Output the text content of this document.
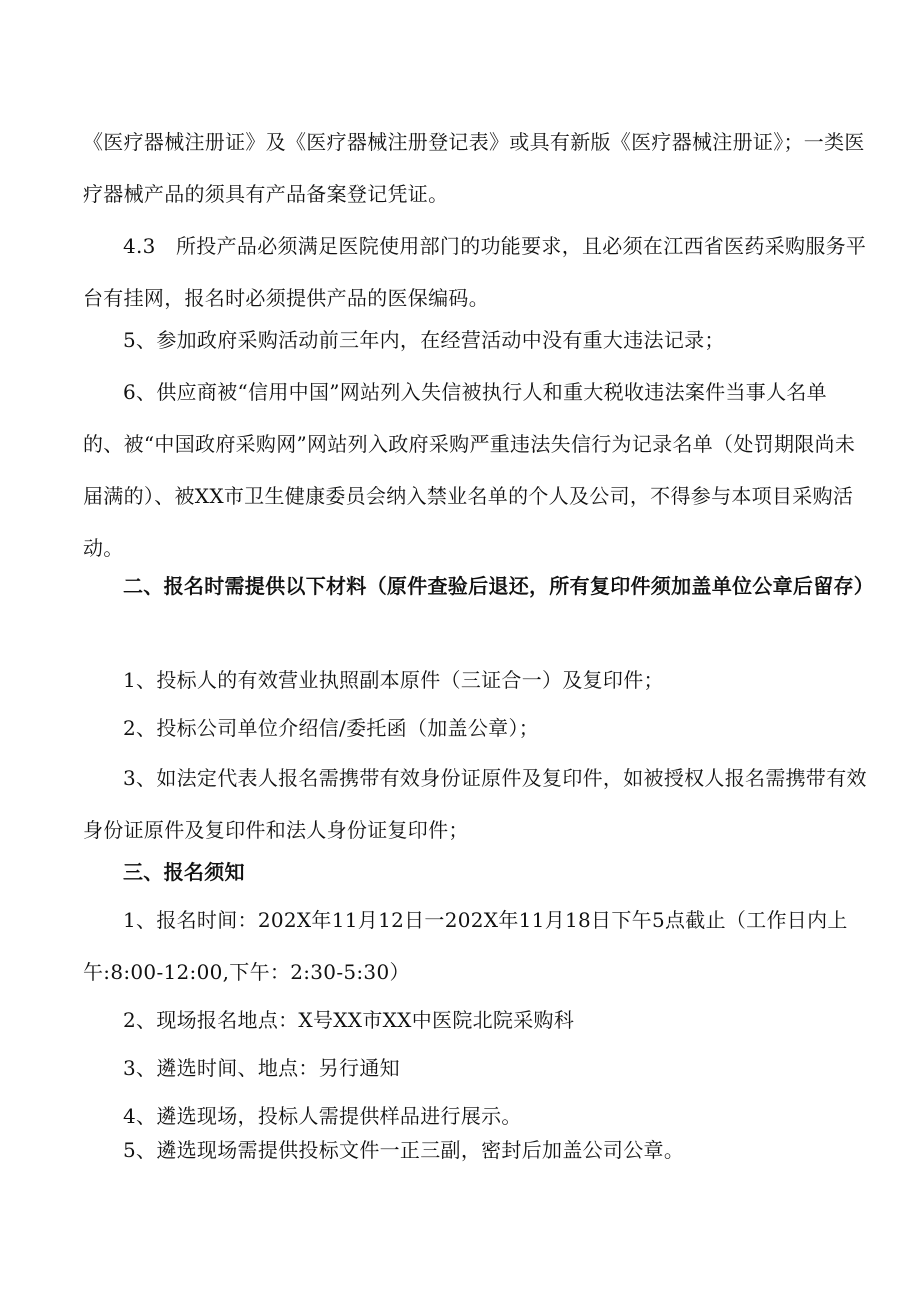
《医疗器械注册证》及《医疗器械注册登记表》或具有新版《医疗器械注册证》；一类医疗器械产品的须具有产品备案登记凭证。

4.3　所投产品必须满足医院使用部门的功能要求，且必须在江西省医药采购服务平台有挂网，报名时必须提供产品的医保编码。

5、参加政府采购活动前三年内，在经营活动中没有重大违法记录；

6、供应商被“信用中国”网站列入失信被执行人和重大税收违法案件当事人名单的、被“中国政府采购网”网站列入政府采购严重违法失信行为记录名单（处罚期限尚未届满的）、被XX市卫生健康委员会纳入禁业名单的个人及公司，不得参与本项目采购活动。

二、报名时需提供以下材料（原件查验后退还，所有复印件须加盖单位公章后留存）

1、投标人的有效营业执照副本原件（三证合一）及复印件；

2、投标公司单位介绍信/委托函（加盖公章）；

3、如法定代表人报名需携带有效身份证原件及复印件，如被授权人报名需携带有效身份证原件及复印件和法人身份证复印件；

三、报名须知

1、报名时间：202X年11月12日一202X年11月18日下午5点截止（工作日内上午:8:00-12:00,下午：2:30-5:30）

2、现场报名地点：X号XX市XX中医院北院采购科

3、遴选时间、地点：另行通知

4、遴选现场，投标人需提供样品进行展示。

5、遴选现场需提供投标文件一正三副，密封后加盖公司公章。
